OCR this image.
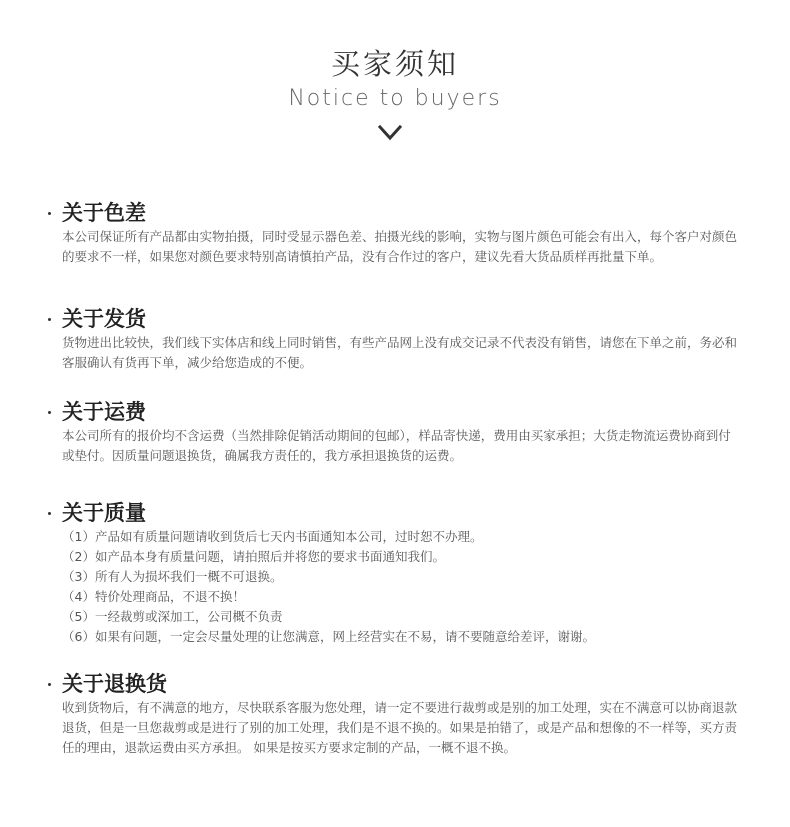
买家须知
Notice to buyers
关于色差
本公司保证所有产品都由实物拍摄，同时受显示器色差、拍摄光线的影响，实物与图片颜色可能会有出入，每个客户对颜色的要求不一样，如果您对颜色要求特别高请慎拍产品，没有合作过的客户，建议先看大货品质样再批量下单。
关于发货
货物进出比较快，我们线下实体店和线上同时销售，有些产品网上没有成交记录不代表没有销售，请您在下单之前，务必和客服确认有货再下单，减少给您造成的不便。
关于运费
本公司所有的报价均不含运费（当然排除促销活动期间的包邮），样品寄快递，费用由买家承担；大货走物流运费协商到付或垫付。因质量问题退换货，确属我方责任的，我方承担退换货的运费。
关于质量
（1）产品如有质量问题请收到货后七天内书面通知本公司，过时恕不办理。
（2）如产品本身有质量问题，请拍照后并将您的要求书面通知我们。
（3）所有人为损坏我们一概不可退换。
（4）特价处理商品，不退不换！
（5）一经裁剪或深加工，公司概不负责
（6）如果有问题，一定会尽量处理的让您满意，网上经营实在不易，请不要随意给差评，谢谢。
关于退换货
收到货物后，有不满意的地方，尽快联系客服为您处理，请一定不要进行裁剪或是别的加工处理，实在不满意可以协商退款退货，但是一旦您裁剪或是进行了别的加工处理，我们是不退不换的。如果是拍错了，或是产品和想像的不一样等，买方责任的理由，退款运费由买方承担。 如果是按买方要求定制的产品，一概不退不换。
